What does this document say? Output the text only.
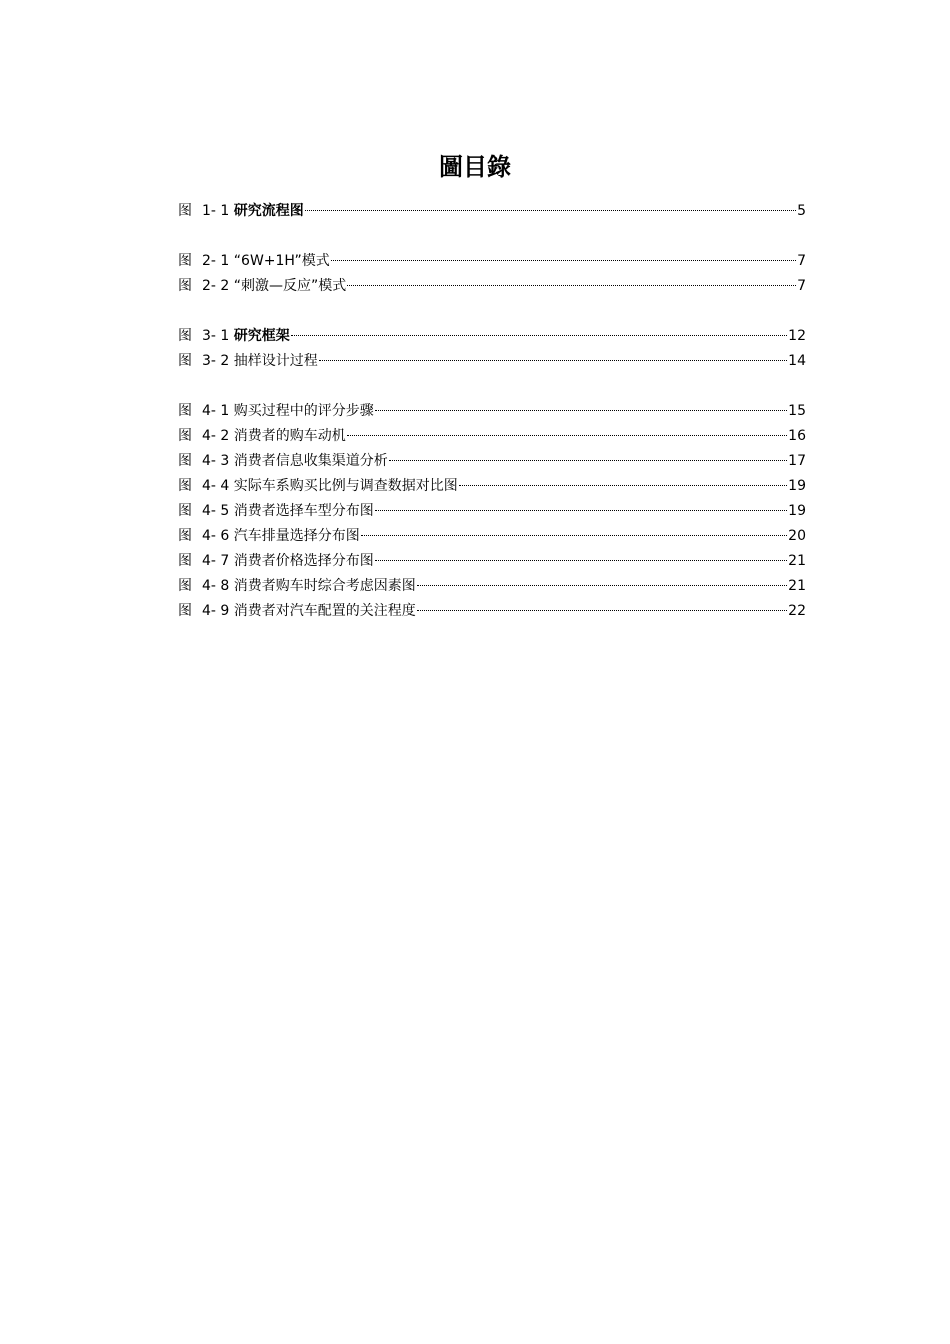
圖目錄
图 1- 1 研究流程图	5
图 2- 1 “6W+1H”模式	7
图 2- 2 “刺激—反应”模式	7
图 3- 1 研究框架	12
图 3- 2 抽样设计过程	14
图 4- 1 购买过程中的评分步骤	15
图 4- 2 消费者的购车动机	16
图 4- 3 消费者信息收集渠道分析	17
图 4- 4 实际车系购买比例与调查数据对比图	19
图 4- 5 消费者选择车型分布图	19
图 4- 6 汽车排量选择分布图	20
图 4- 7 消费者价格选择分布图	21
图 4- 8 消费者购车时综合考虑因素图	21
图 4- 9 消费者对汽车配置的关注程度	22
